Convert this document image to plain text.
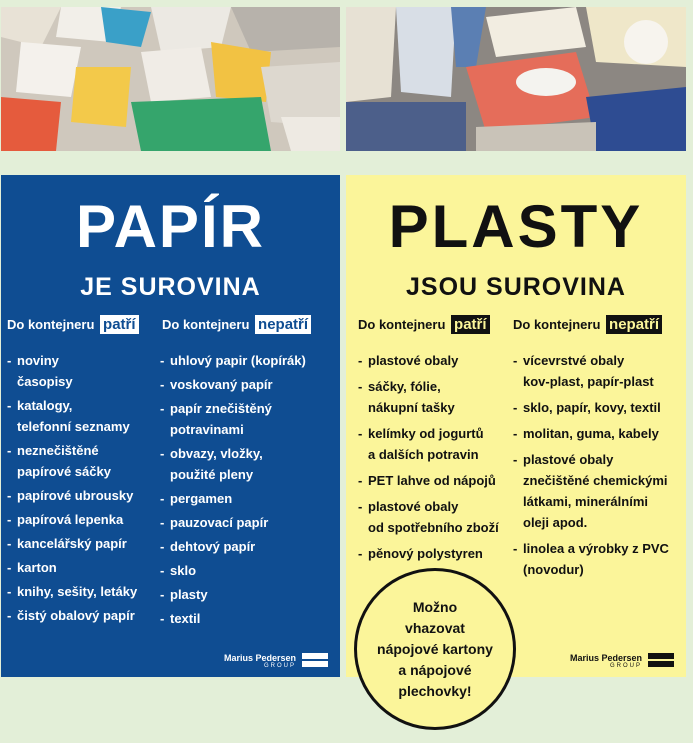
PAPÍR
JE SUROVINA
Do kontejneru patří Do kontejneru nepatří
- noviny
časopisy
- katalogy,
telefonní seznamy
- neznečištěné
papírové sáčky
- papírové ubrousky
- papírová lepenka
- kancelářský papír
- karton
- knihy, sešity, letáky
- čistý obalový papír
- uhlový papir (kopírák)
- voskovaný papír
- papír znečištěný
potravinami
- obvazy, vložky,
použité pleny
- pergamen
- pauzovací papír
- dehtový papír
- sklo
- plasty
- textil
Marius Pedersen
GROUP
PLASTY
JSOU SUROVINA
Do kontejneru patří Do kontejneru nepatří
- plastové obaly
- sáčky, fólie,
nákupní tašky
- kelímky od jogurtů
a dalších potravin
- PET lahve od nápojů
- plastové obaly
od spotřebního zboží
- pěnový polystyren
- vícevrstvé obaly
kov-plast, papír-plast
- sklo, papír, kovy, textil
- molitan, guma, kabely
- plastové obaly
znečištěné chemickými
látkami, minerálními
oleji apod.
- linolea a výrobky z PVC
(novodur)
Marius Pedersen
GROUP
Možno
vhazovat
nápojové kartony
a nápojové
plechovky!
